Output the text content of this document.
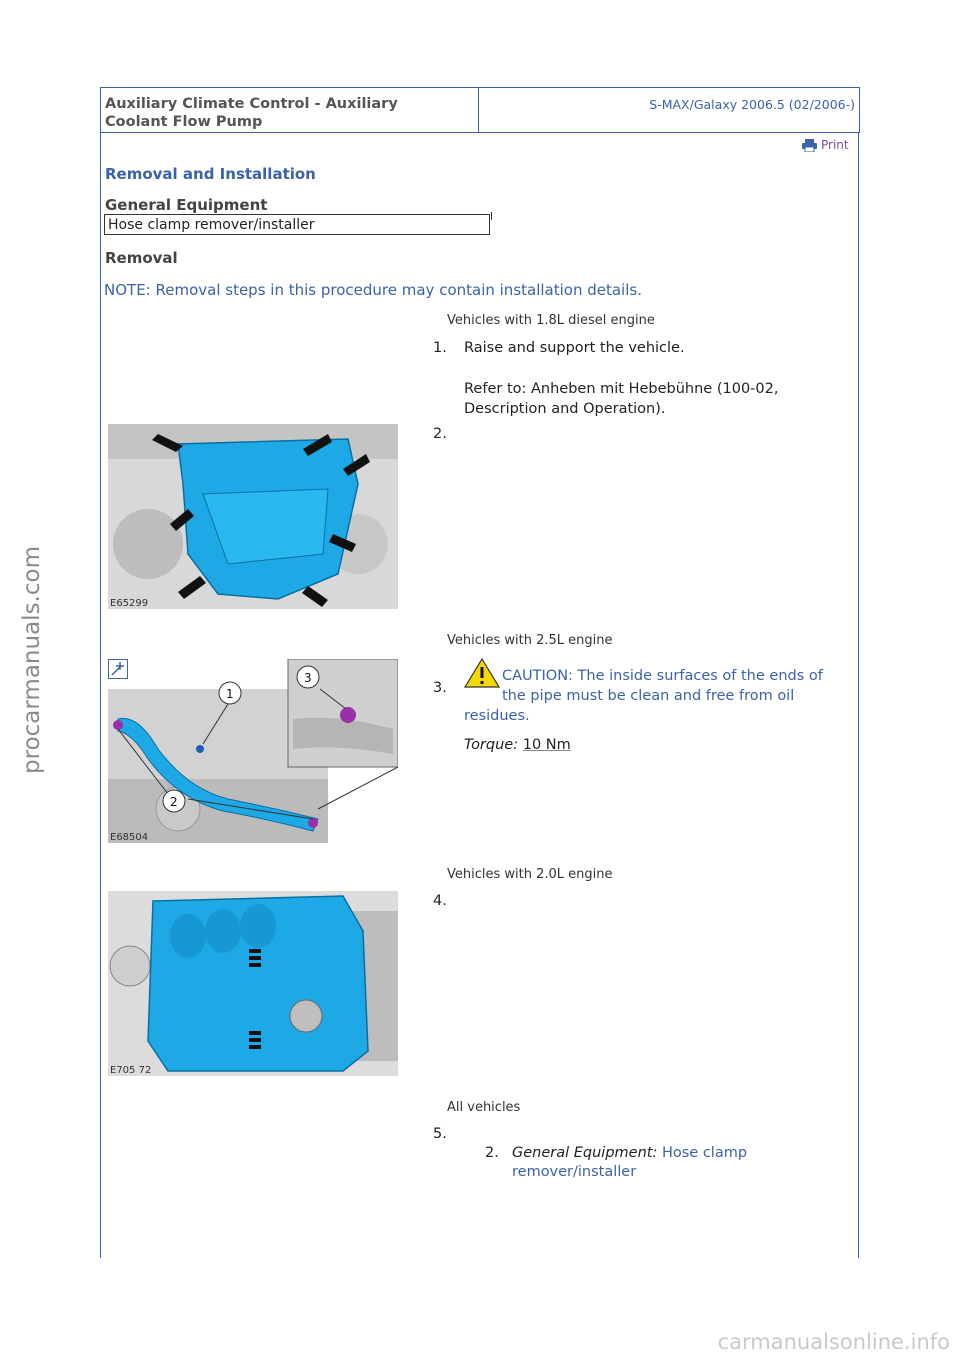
procarmanuals.com
Auxiliary Climate Control - Auxiliary
Coolant Flow Pump
S-MAX/Galaxy 2006.5 (02/2006-)
Print
Removal and Installation
General Equipment
Hose clamp remover/installer
Removal
NOTE: Removal steps in this procedure may contain installation details.
Vehicles with 1.8L diesel engine
1. Raise and support the vehicle.
Refer to: Anheben mit Hebebühne (100-02,
Description and Operation).
E65299
2.
Vehicles with 2.5L engine
1
2
3
E68504
3.
CAUTION: The inside surfaces of the ends of the pipe must be clean and free from oil residues.
Torque: 10 Nm
Vehicles with 2.0L engine
E705 72
4.
All vehicles
5.
2. General Equipment: Hose clamp remover/installer
carmanualsonline.info
